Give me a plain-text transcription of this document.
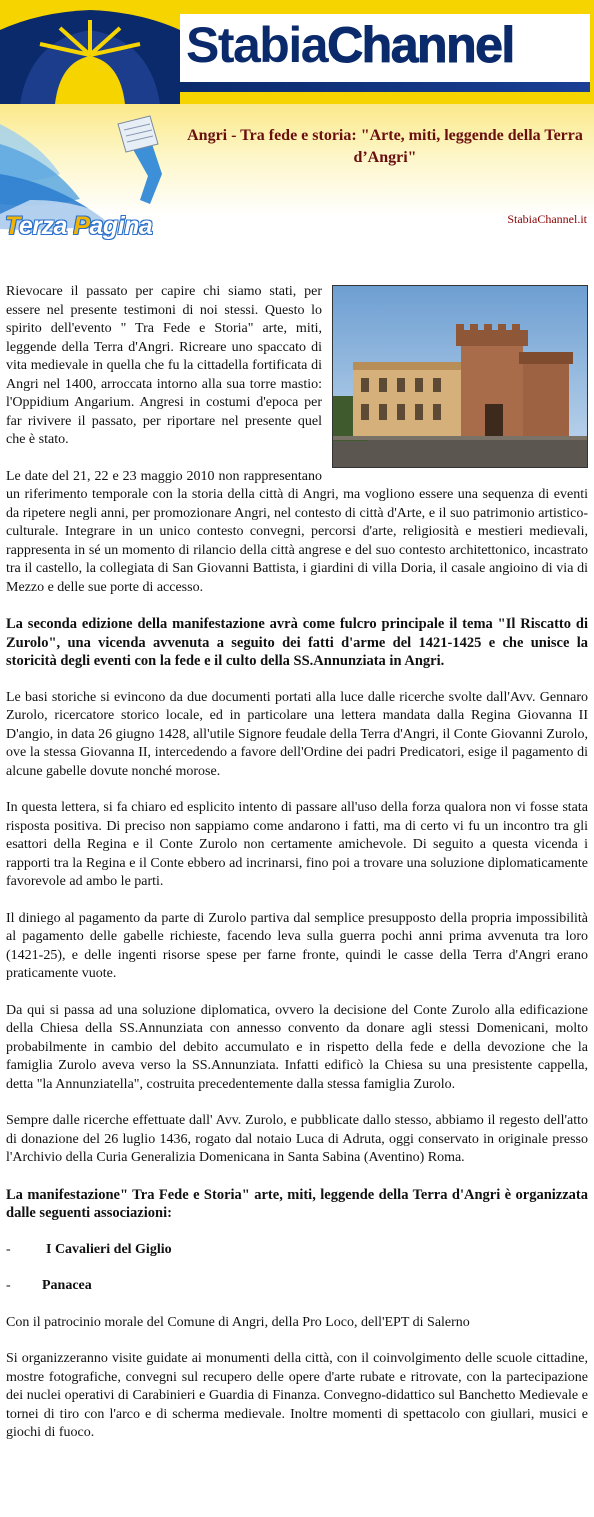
StabiaChannel
Terza Pagina
Angri - Tra fede e storia: "Arte, miti, leggende della Terra d’Angri"
StabiaChannel.it

Rievocare il passato per capire chi siamo stati, per essere nel presente testimoni di noi stessi. Questo lo spirito dell'evento " Tra Fede e Storia" arte, miti, leggende della Terra d'Angri. Ricreare uno spaccato di vita medievale in quella che fu la cittadella fortificata di Angri nel 1400, arroccata intorno alla sua torre mastio: l'Oppidium Angarium. Angresi in costumi d'epoca per far rivivere il passato, per riportare nel presente quel che è stato.

Le date del 21, 22 e 23 maggio 2010 non rappresentano un riferimento temporale con la storia della città di Angri, ma vogliono essere una sequenza di eventi da ripetere negli anni, per promozionare Angri, nel contesto di città d'Arte, e il suo patrimonio artistico-culturale. Integrare in un unico contesto convegni, percorsi d'arte, religiosità e mestieri medievali, rappresenta in sé un momento di rilancio della città angrese e del suo contesto architettonico, incastrato tra il castello, la collegiata di San Giovanni Battista, i giardini di villa Doria, il casale angioino di via di Mezzo e delle sue porte di accesso.

La seconda edizione della manifestazione avrà come fulcro principale il tema "Il Riscatto di Zurolo", una vicenda avvenuta a seguito dei fatti d'arme del 1421-1425 e che unisce la storicità degli eventi con la fede e il culto della SS.Annunziata in Angri.

Le basi storiche si evincono da due documenti portati alla luce dalle ricerche svolte dall'Avv. Gennaro Zurolo, ricercatore storico locale, ed in particolare una lettera mandata dalla Regina Giovanna II D'angio, in data 26 giugno 1428, all'utile Signore feudale della Terra d'Angri, il Conte Giovanni Zurolo, ove la stessa Giovanna II, intercedendo a favore dell'Ordine dei padri Predicatori, esige il pagamento di alcune gabelle dovute nonché morose.

In questa lettera, si fa chiaro ed esplicito intento di passare all'uso della forza qualora non vi fosse stata risposta positiva. Di preciso non sappiamo come andarono i fatti, ma di certo vi fu un incontro tra gli esattori della Regina e il Conte Zurolo non certamente amichevole. Di seguito a questa vicenda i rapporti tra la Regina e il Conte ebbero ad incrinarsi, fino poi a trovare una soluzione diplomaticamente favorevole ad ambo le parti.

Il diniego al pagamento da parte di Zurolo partiva dal semplice presupposto della propria impossibilità al pagamento delle gabelle richieste, facendo leva sulla guerra pochi anni prima avvenuta tra loro (1421-25), e delle ingenti risorse spese per farne fronte, quindi le casse della Terra d'Angri erano praticamente vuote.

Da qui si passa ad una soluzione diplomatica, ovvero la decisione del Conte Zurolo alla edificazione della Chiesa della SS.Annunziata con annesso convento da donare agli stessi Domenicani, molto probabilmente in cambio del debito accumulato e in rispetto della fede e della devozione che la famiglia Zurolo aveva verso la SS.Annunziata. Infatti edificò la Chiesa su una presistente cappella, detta "la Annunziatella", costruita precedentemente dalla stessa famiglia Zurolo.

Sempre dalle ricerche effettuate dall' Avv. Zurolo, e pubblicate dallo stesso, abbiamo il regesto dell'atto di donazione del 26 luglio 1436, rogato dal notaio Luca di Adruta, oggi conservato in originale presso l'Archivio della Curia Generalizia Domenicana in Santa Sabina (Aventino) Roma.

La manifestazione" Tra Fede e Storia" arte, miti, leggende della Terra d'Angri è organizzata dalle seguenti associazioni:

-	I Cavalieri del Giglio
-	Panacea

Con il patrocinio morale del Comune di Angri, della Pro Loco, dell'EPT di Salerno

Si organizzeranno visite guidate ai monumenti della città, con il coinvolgimento delle scuole cittadine, mostre fotografiche, convegni sul recupero delle opere d'arte rubate e ritrovate, con la partecipazione dei nuclei operativi di Carabinieri e Guardia di Finanza. Convegno-didattico sul Banchetto Medievale e tornei di tiro con l'arco e di scherma medievale. Inoltre momenti di spettacolo con giullari, musici e giochi di fuoco.
